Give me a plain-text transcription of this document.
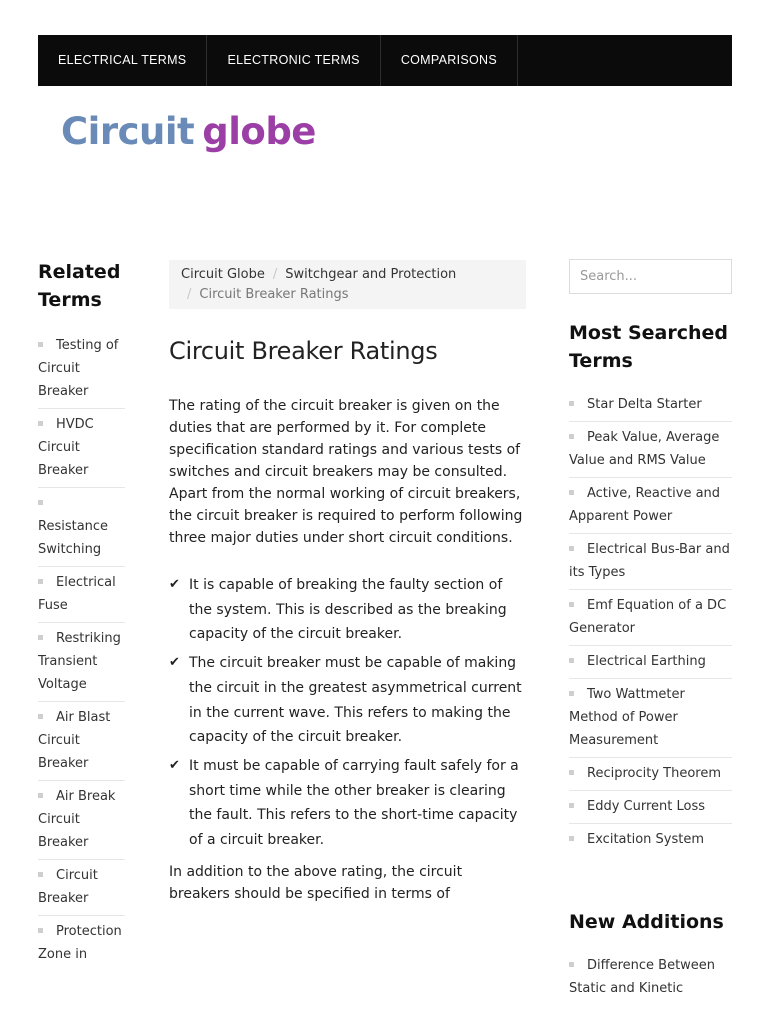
ELECTRICAL TERMS	ELECTRONIC TERMS	COMPARISONS
Circuit globe
Related Terms
Testing of Circuit Breaker
HVDC Circuit Breaker

Resistance Switching
Electrical Fuse
Restriking Transient Voltage
Air Blast Circuit Breaker
Air Break Circuit Breaker
Circuit Breaker
Protection Zone in
Circuit Globe / Switchgear and Protection
/ Circuit Breaker Ratings
Circuit Breaker Ratings

The rating of the circuit breaker is given on the duties that are performed by it. For complete specification standard ratings and various tests of switches and circuit breakers may be consulted. Apart from the normal working of circuit breakers, the circuit breaker is required to perform following three major duties under short circuit conditions.

✔ It is capable of breaking the faulty section of the system. This is described as the breaking capacity of the circuit breaker.
✔ The circuit breaker must be capable of making the circuit in the greatest asymmetrical current in the current wave. This refers to making the capacity of the circuit breaker.
✔ It must be capable of carrying fault safely for a short time while the other breaker is clearing the fault. This refers to the short-time capacity of a circuit breaker.

In addition to the above rating, the circuit breakers should be specified in terms of

Search...
Most Searched Terms
Star Delta Starter
Peak Value, Average Value and RMS Value
Active, Reactive and Apparent Power
Electrical Bus-Bar and its Types
Emf Equation of a DC Generator
Electrical Earthing
Two Wattmeter Method of Power Measurement
Reciprocity Theorem
Eddy Current Loss
Excitation System
New Additions
Difference Between Static and Kinetic
